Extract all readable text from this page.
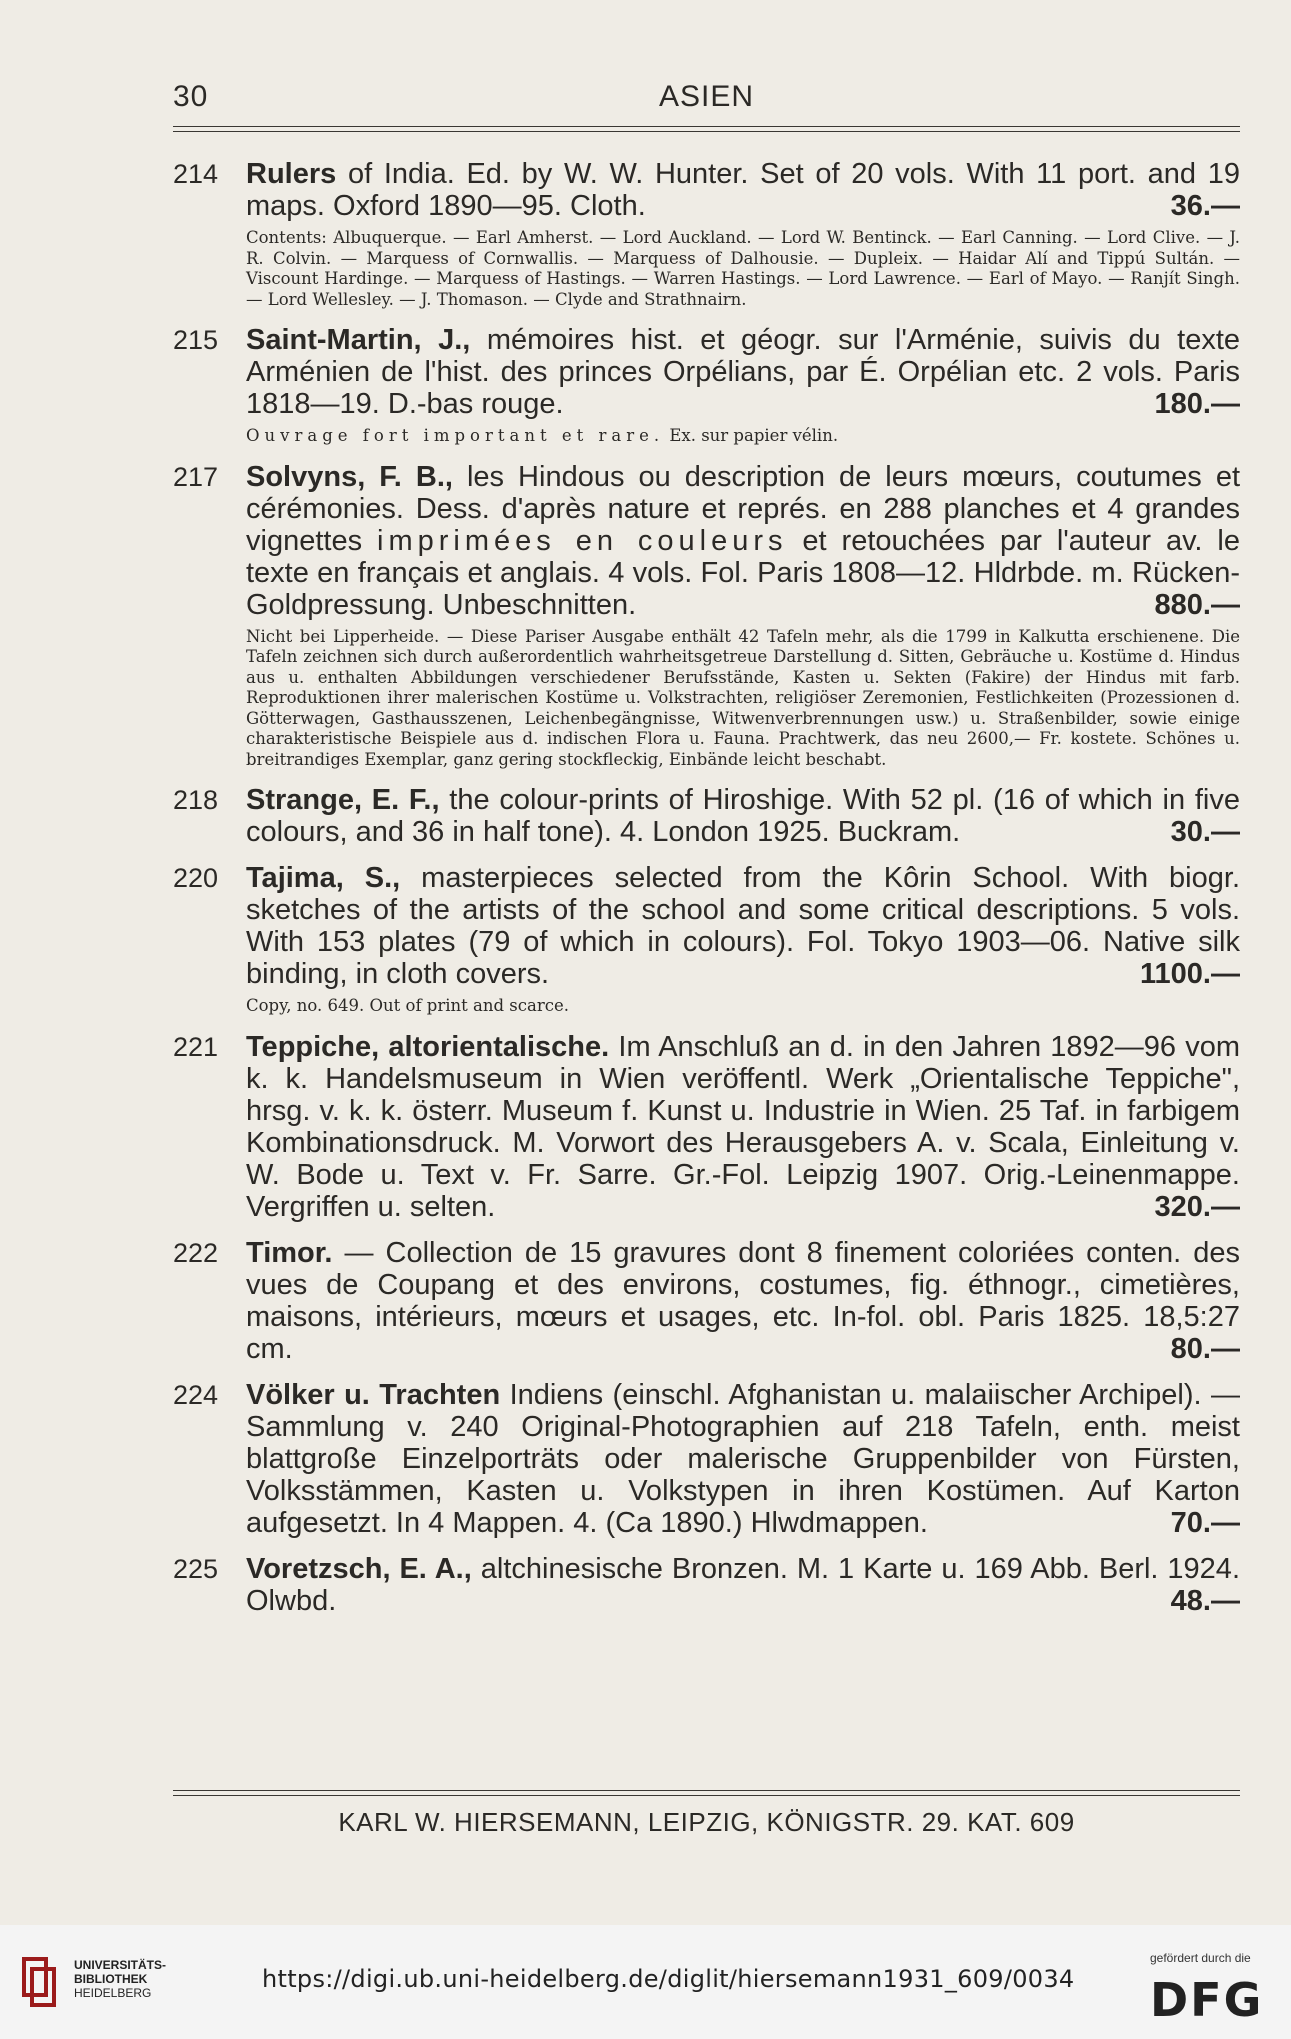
30	ASIEN
214 Rulers of India. Ed. by W. W. Hunter. Set of 20 vols. With 11 port. and 19 maps. Oxford 1890—95. Cloth.	36.—
Contents: Albuquerque. — Earl Amherst. — Lord Auckland. — Lord W. Bentinck. — Earl Canning. — Lord Clive. — J. R. Colvin. — Marquess of Cornwallis. — Marquess of Dalhousie. — Dupleix. — Haidar Alí and Tippú Sultán. — Viscount Hardinge. — Marquess of Hastings. — Warren Hastings. — Lord Lawrence. — Earl of Mayo. — Ranjít Singh. — Lord Wellesley. — J. Thomason. — Clyde and Strathnairn.
215 Saint-Martin, J., mémoires hist. et géogr. sur l'Arménie, suivis du texte Arménien de l'hist. des princes Orpélians, par É. Orpélian etc. 2 vols. Paris 1818—19. D.-bas rouge.	180.—
Ouvrage fort important et rare. Ex. sur papier vélin.
217 Solvyns, F. B., les Hindous ou description de leurs mœurs, coutumes et cérémonies. Dess. d'après nature et représ. en 288 planches et 4 grandes vignettes imprimées en couleurs et retouchées par l'auteur av. le texte en français et anglais. 4 vols. Fol. Paris 1808—12. Hldrbde. m. Rücken-Goldpressung. Unbeschnitten.	880.—
Nicht bei Lipperheide. — Diese Pariser Ausgabe enthält 42 Tafeln mehr, als die 1799 in Kalkutta erschienene. Die Tafeln zeichnen sich durch außerordentlich wahrheitsgetreue Darstellung d. Sitten, Gebräuche u. Kostüme d. Hindus aus u. enthalten Abbildungen verschiedener Berufsstände, Kasten u. Sekten (Fakire) der Hindus mit farb. Reproduktionen ihrer malerischen Kostüme u. Volkstrachten, religiöser Zeremonien, Festlichkeiten (Prozessionen d. Götterwagen, Gasthausszenen, Leichenbegängnisse, Witwenverbrennungen usw.) u. Straßenbilder, sowie einige charakteristische Beispiele aus d. indischen Flora u. Fauna. Prachtwerk, das neu 2600,— Fr. kostete. Schönes u. breitrandiges Exemplar, ganz gering stockfleckig, Einbände leicht beschabt.
218 Strange, E. F., the colour-prints of Hiroshige. With 52 pl. (16 of which in five colours, and 36 in half tone). 4. London 1925. Buckram.	30.—
220 Tajima, S., masterpieces selected from the Kôrin School. With biogr. sketches of the artists of the school and some critical descriptions. 5 vols. With 153 plates (79 of which in colours). Fol. Tokyo 1903—06. Native silk binding, in cloth covers.	1100.—
Copy, no. 649. Out of print and scarce.
221 Teppiche, altorientalische. Im Anschluß an d. in den Jahren 1892—96 vom k. k. Handelsmuseum in Wien veröffentl. Werk „Orientalische Teppiche", hrsg. v. k. k. österr. Museum f. Kunst u. Industrie in Wien. 25 Taf. in farbigem Kombinationsdruck. M. Vorwort des Herausgebers A. v. Scala, Einleitung v. W. Bode u. Text v. Fr. Sarre. Gr.-Fol. Leipzig 1907. Orig.-Leinenmappe. Vergriffen u. selten.	320.—
222 Timor. — Collection de 15 gravures dont 8 finement coloriées conten. des vues de Coupang et des environs, costumes, fig. éthnogr., cimetières, maisons, intérieurs, mœurs et usages, etc. In-fol. obl. Paris 1825. 18,5:27 cm.	80.—
224 Völker u. Trachten Indiens (einschl. Afghanistan u. malaiischer Archipel). — Sammlung v. 240 Original-Photographien auf 218 Tafeln, enth. meist blattgroße Einzelporträts oder malerische Gruppenbilder von Fürsten, Volksstämmen, Kasten u. Volkstypen in ihren Kostümen. Auf Karton aufgesetzt. In 4 Mappen. 4. (Ca 1890.) Hlwdmappen.	70.—
225 Voretzsch, E. A., altchinesische Bronzen. M. 1 Karte u. 169 Abb. Berl. 1924. Olwbd.	48.—
KARL W. HIERSEMANN, LEIPZIG, KÖNIGSTR. 29. KAT. 609
UNIVERSITÄTS-
BIBLIOTHEK
HEIDELBERG	https://digi.ub.uni-heidelberg.de/diglit/hiersemann1931_609/0034
gefördert durch die
DFG
